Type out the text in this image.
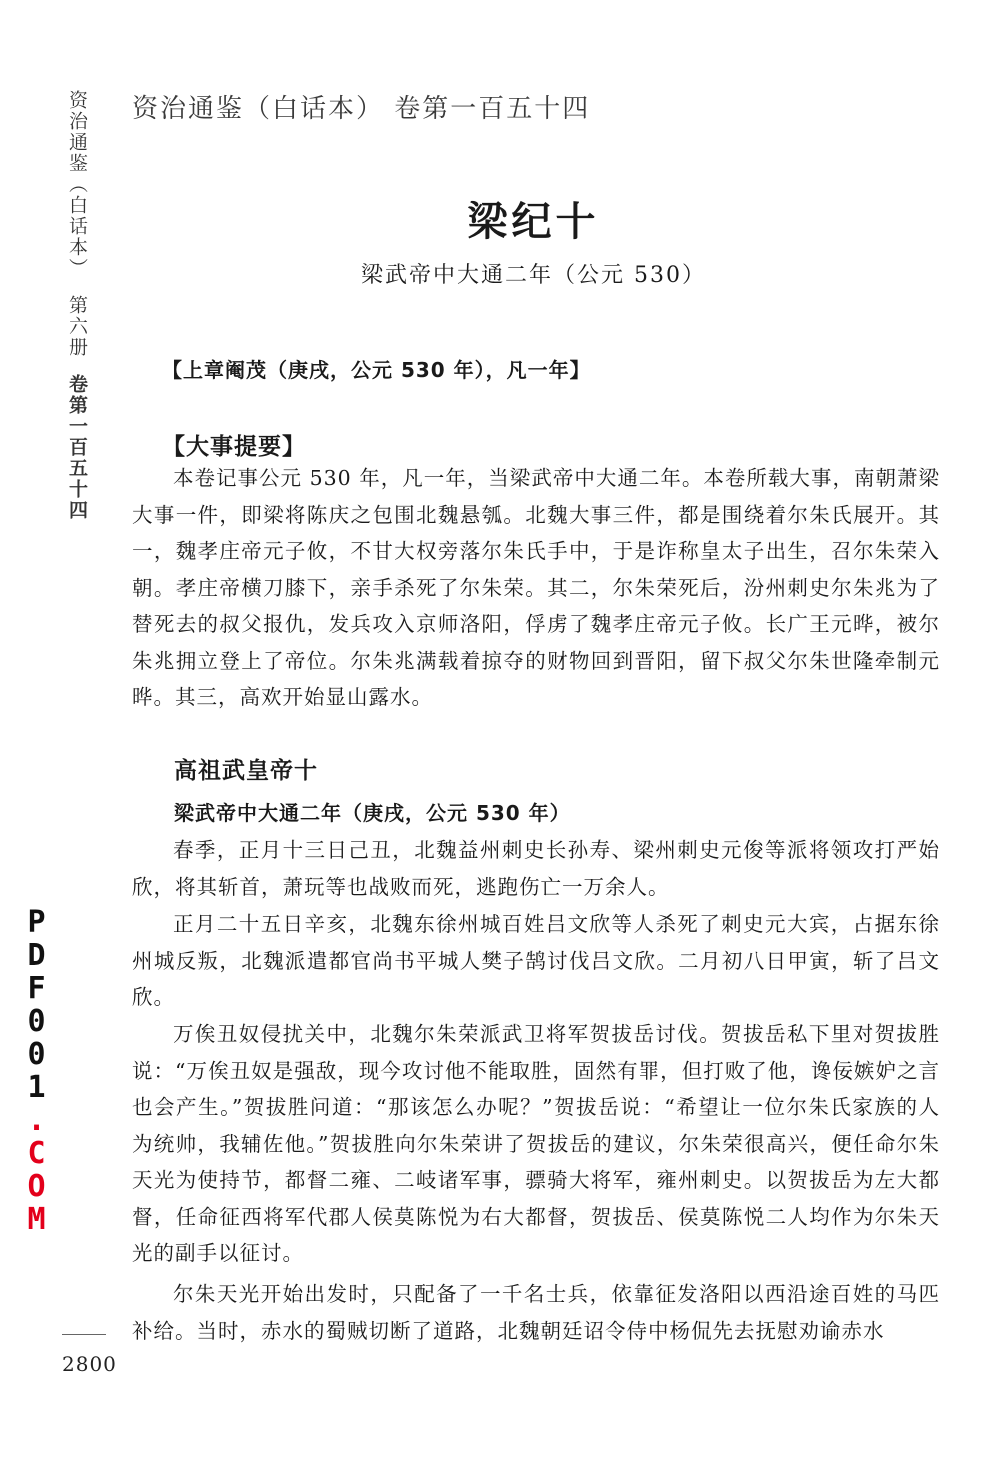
资治通鉴（白话本）第六册卷第一百五十四
资治通鉴（白话本） 卷第一百五十四
梁纪十
梁武帝中大通二年（公元 530）
【上章阉茂（庚戌，公元 530 年），凡一年】
【大事提要】

本卷记事公元 530 年，凡一年，当梁武帝中大通二年。本卷所载大事，南朝萧梁大事一件，即梁将陈庆之包围北魏悬瓠。北魏大事三件，都是围绕着尔朱氏展开。其一，魏孝庄帝元子攸，不甘大权旁落尔朱氏手中，于是诈称皇太子出生，召尔朱荣入朝。孝庄帝横刀膝下，亲手杀死了尔朱荣。其二，尔朱荣死后，汾州刺史尔朱兆为了替死去的叔父报仇，发兵攻入京师洛阳，俘虏了魏孝庄帝元子攸。长广王元晔，被尔朱兆拥立登上了帝位。尔朱兆满载着掠夺的财物回到晋阳，留下叔父尔朱世隆牵制元晔。其三，高欢开始显山露水。

高祖武皇帝十
梁武帝中大通二年（庚戌，公元 530 年）

春季，正月十三日己丑，北魏益州刺史长孙寿、梁州刺史元俊等派将领攻打严始欣，将其斩首，萧玩等也战败而死，逃跑伤亡一万余人。

正月二十五日辛亥，北魏东徐州城百姓吕文欣等人杀死了刺史元大宾，占据东徐州城反叛，北魏派遣都官尚书平城人樊子鹄讨伐吕文欣。二月初八日甲寅，斩了吕文欣。

万俟丑奴侵扰关中，北魏尔朱荣派武卫将军贺拔岳讨伐。贺拔岳私下里对贺拔胜说：“万俟丑奴是强敌，现今攻讨他不能取胜，固然有罪，但打败了他，谗佞嫉妒之言也会产生。”贺拔胜问道：“那该怎么办呢？”贺拔岳说：“希望让一位尔朱氏家族的人为统帅，我辅佐他。”贺拔胜向尔朱荣讲了贺拔岳的建议，尔朱荣很高兴，便任命尔朱天光为使持节，都督二雍、二岐诸军事，骠骑大将军，雍州刺史。以贺拔岳为左大都督，任命征西将军代郡人侯莫陈悦为右大都督，贺拔岳、侯莫陈悦二人均作为尔朱天光的副手以征讨。

尔朱天光开始出发时，只配备了一千名士兵，依靠征发洛阳以西沿途百姓的马匹补给。当时，赤水的蜀贼切断了道路，北魏朝廷诏令侍中杨侃先去抚慰劝谕赤水

PDF001.COM
2800
